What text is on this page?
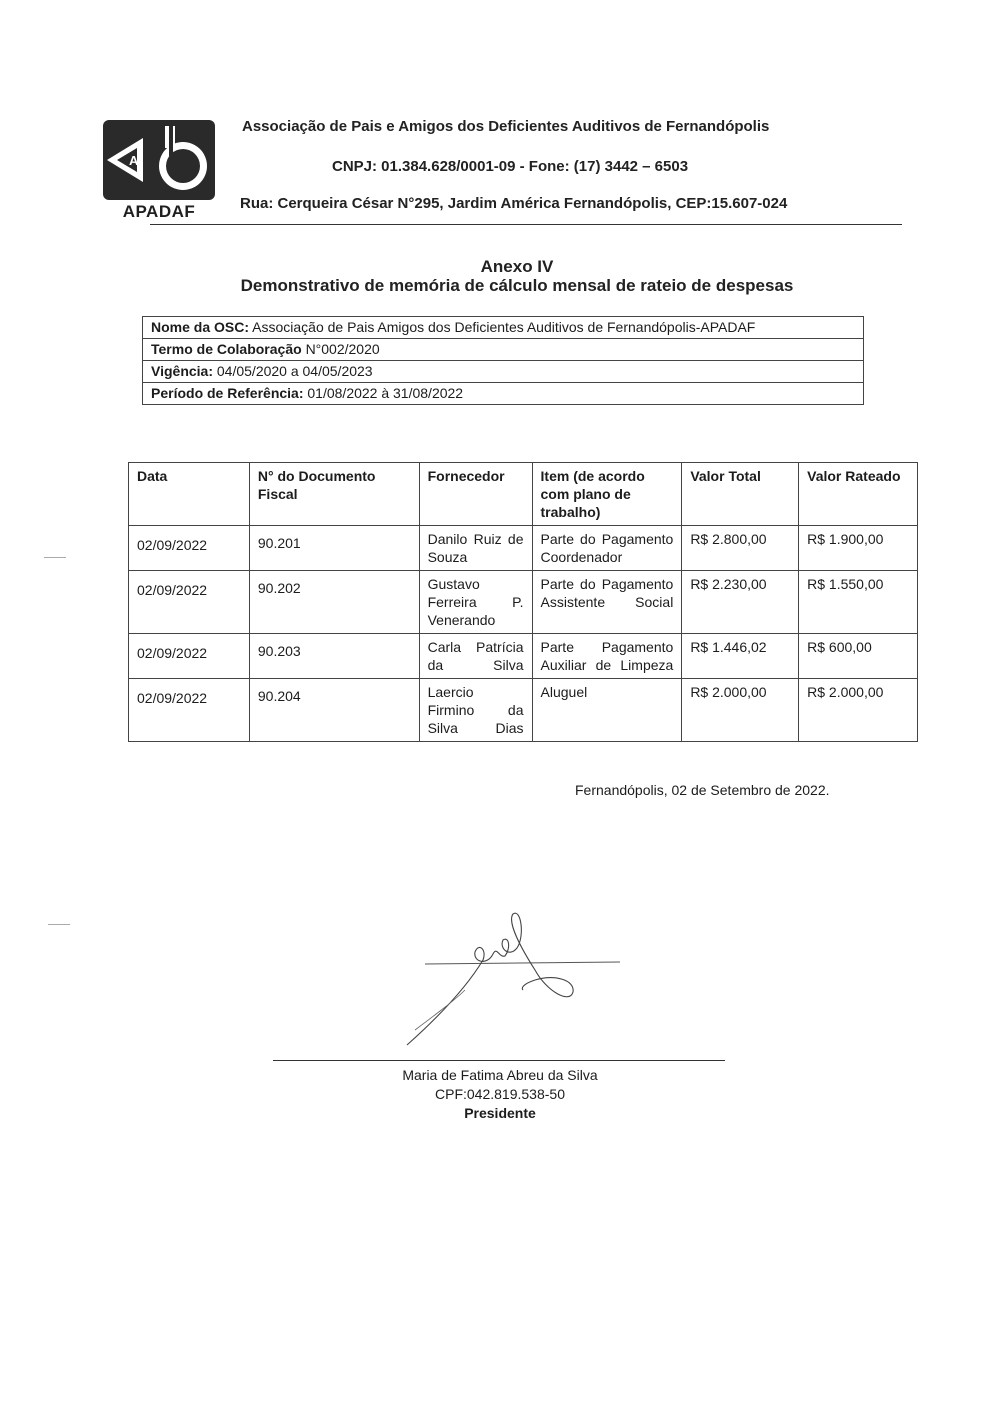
A
APADAF
Associação de Pais e Amigos dos Deficientes Auditivos de Fernandópolis
CNPJ: 01.384.628/0001-09 - Fone: (17) 3442 – 6503
Rua: Cerqueira César N°295, Jardim América Fernandópolis, CEP:15.607-024
Anexo IV
Demonstrativo de memória de cálculo mensal de rateio de despesas
Nome da OSC: Associação de Pais Amigos dos Deficientes Auditivos de Fernandópolis-APADAF
Termo de Colaboração N°002/2020
Vigência: 04/05/2020 a 04/05/2023
Período de Referência: 01/08/2022 à 31/08/2022
Data	N° do Documento Fiscal	Fornecedor	Item (de acordo com plano de trabalho)	Valor Total	Valor Rateado
02/09/2022	90.201	Danilo Ruiz de Souza	Parte do Pagamento Coordenador	R$ 2.800,00	R$ 1.900,00
02/09/2022	90.202	Gustavo Ferreira P. Venerando	Parte do Pagamento Assistente Social	R$ 2.230,00	R$ 1.550,00
02/09/2022	90.203	Carla Patrícia da Silva	Parte Pagamento Auxiliar de Limpeza	R$ 1.446,02	R$ 600,00
02/09/2022	90.204	Laercio Firmino da Silva Dias	Aluguel	R$ 2.000,00	R$ 2.000,00
Fernandópolis, 02 de Setembro de 2022.
Maria de Fatima Abreu da Silva
CPF:042.819.538-50
Presidente
